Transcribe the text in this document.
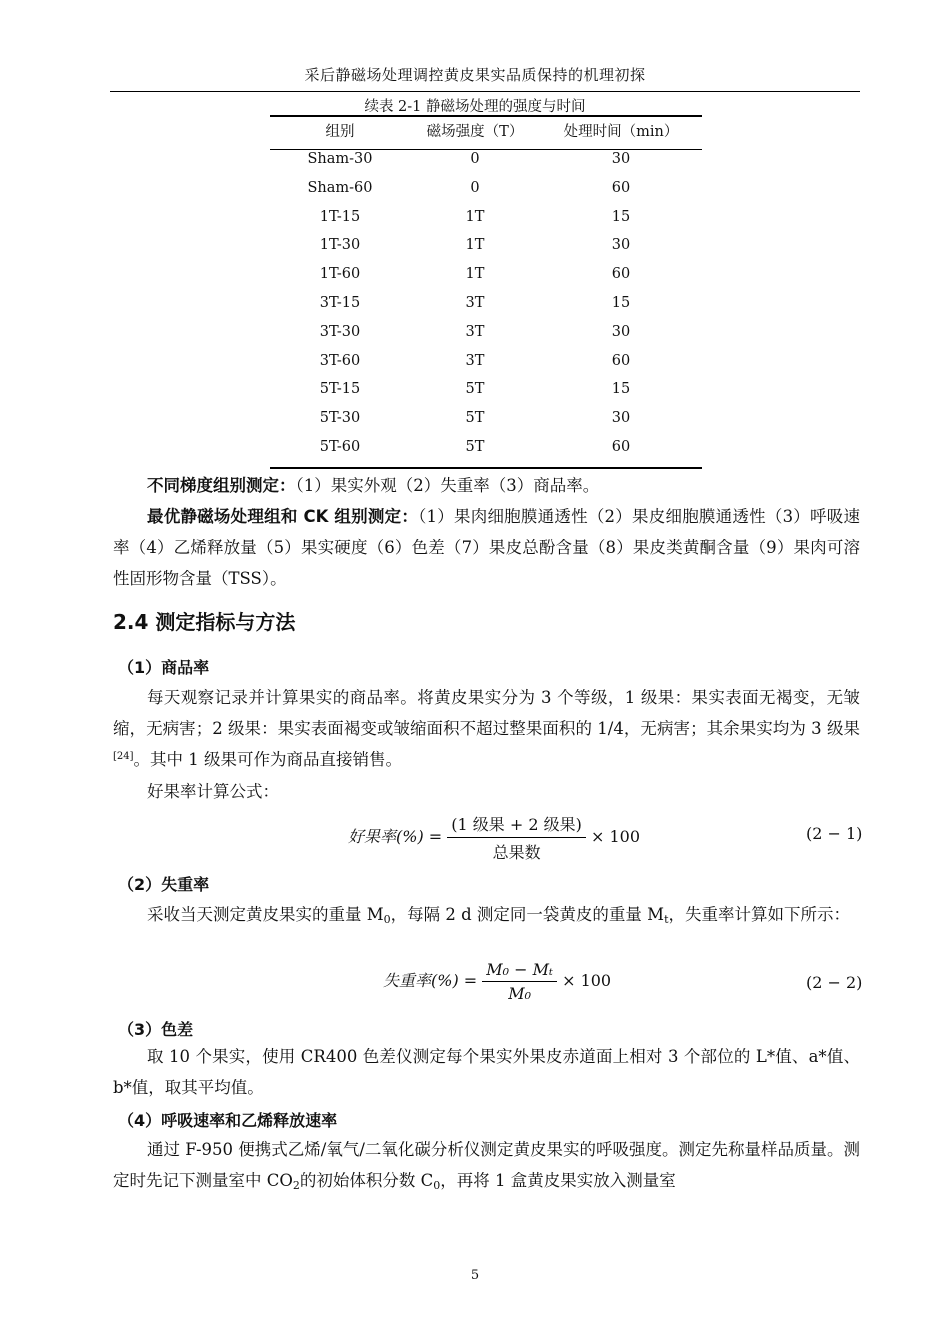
采后静磁场处理调控黄皮果实品质保持的机理初探
续表 2-1 静磁场处理的强度与时间
组别	磁场强度（T）	处理时间（min）
Sham-30	0	30
Sham-60	0	60
1T-15	1T	15
1T-30	1T	30
1T-60	1T	60
3T-15	3T	15
3T-30	3T	30
3T-60	3T	60
5T-15	5T	15
5T-30	5T	30
5T-60	5T	60
不同梯度组别测定：（1）果实外观（2）失重率（3）商品率。
最优静磁场处理组和 CK 组别测定：（1）果肉细胞膜通透性（2）果皮细胞膜通透性（3）呼吸速率（4）乙烯释放量（5）果实硬度（6）色差（7）果皮总酚含量（8）果皮类黄酮含量（9）果肉可溶性固形物含量（TSS）。
2.4 测定指标与方法
（1）商品率
每天观察记录并计算果实的商品率。将黄皮果实分为 3 个等级，1 级果：果实表面无褐变，无皱缩，无病害；2 级果：果实表面褐变或皱缩面积不超过整果面积的 1/4，无病害；其余果实均为 3 级果[24]。其中 1 级果可作为商品直接销售。
好果率计算公式：
好果率(%) = $\frac{\text{(1 级果 + 2 级果)}}{\text{总果数}} \times 100$	(2 − 1)
（2）失重率
采收当天测定黄皮果实的重量 $M_0$，每隔 2 d 测定同一袋黄皮的重量 $M_t$，失重率计算如下所示：
失重率(%) = $\frac{\text{M₀ − Mₜ}}{\text{M₀}} \times 100$	(2 − 2)
（3）色差
取 10 个果实，使用 CR400 色差仪测定每个果实外果皮赤道面上相对 3 个部位的 L*值、a*值、b*值，取其平均值。
（4）呼吸速率和乙烯释放速率
通过 F-950 便携式乙烯/氧气/二氧化碳分析仪测定黄皮果实的呼吸强度。测定先称量样品质量。测定时先记下测量室中 $CO_2$的初始体积分数 $C_0$，再将 1 盒黄皮果实放入测量室
5
